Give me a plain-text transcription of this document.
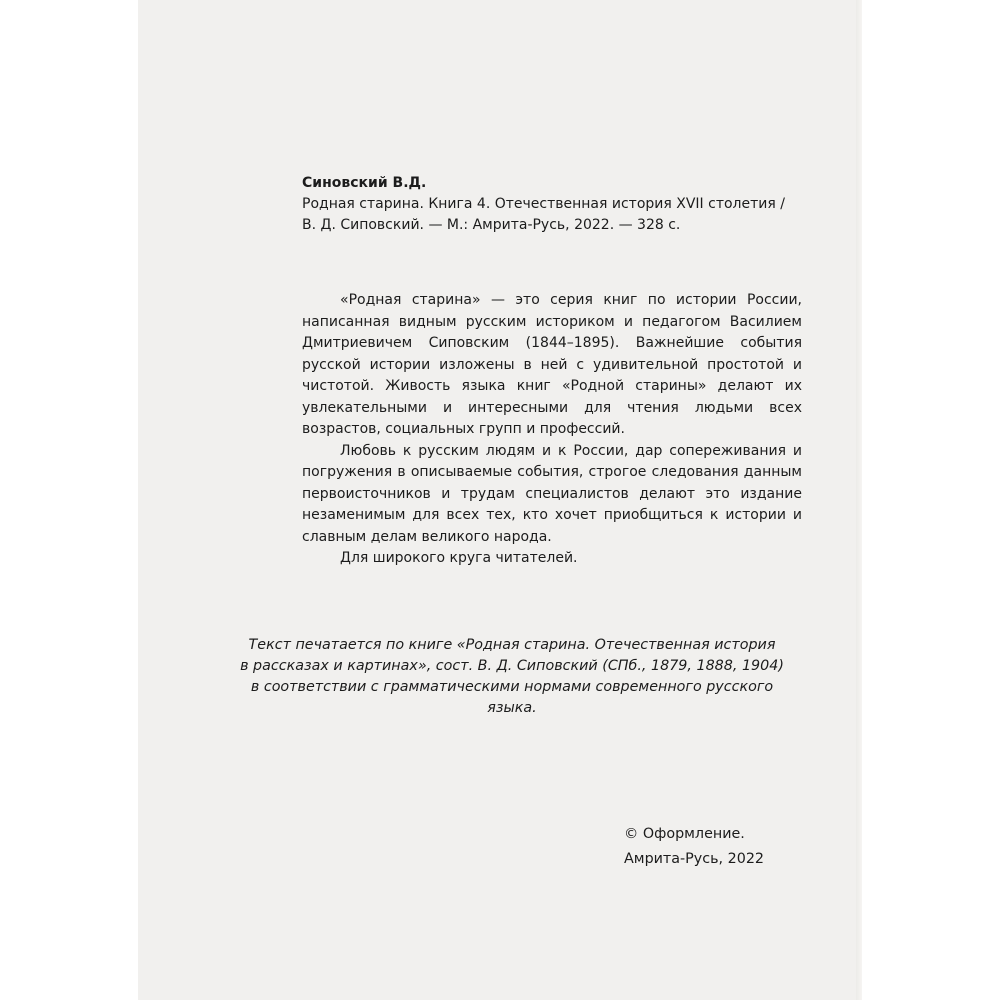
Синовский В.Д.
Родная старина. Книга 4. Отечественная история XVII столетия /
В. Д. Сиповский. — М.: Амрита-Русь, 2022. — 328 с.

«Родная старина» — это серия книг по истории России, написанная видным русским историком и педагогом Василием Дмитриевичем Сиповским (1844–1895). Важнейшие события русской истории изложены в ней с удивительной простотой и чистотой. Живость языка книг «Родной старины» делают их увлекательными и интересными для чтения людьми всех возрастов, социальных групп и профессий.

Любовь к русским людям и к России, дар сопереживания и погружения в описываемые события, строгое следования данным первоисточников и трудам специалистов делают это издание незаменимым для всех тех, кто хочет приобщиться к истории и славным делам великого народа.

Для широкого круга читателей.

Текст печатается по книге «Родная старина. Отечественная история
в рассказах и картинах», сост. В. Д. Сиповский (СПб., 1879, 1888, 1904)
в соответствии с грамматическими нормами современного русского языка.
© Оформление.
Амрита-Русь, 2022
